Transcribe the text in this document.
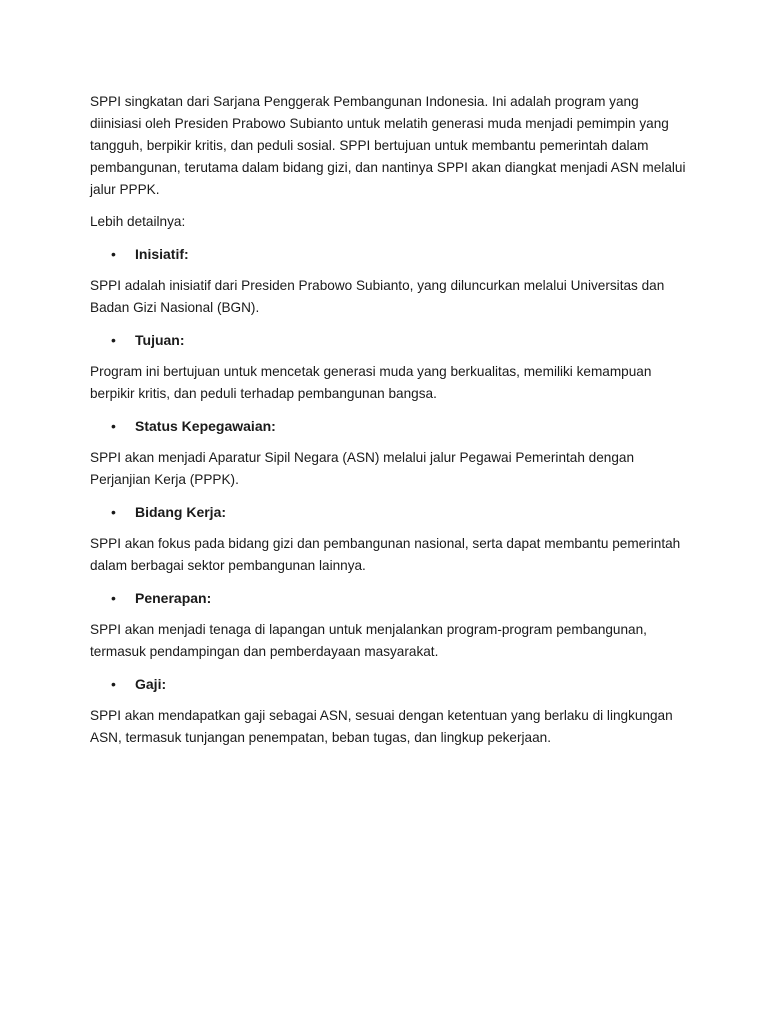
SPPI singkatan dari Sarjana Penggerak Pembangunan Indonesia. Ini adalah program yang diinisiasi oleh Presiden Prabowo Subianto untuk melatih generasi muda menjadi pemimpin yang tangguh, berpikir kritis, dan peduli sosial. SPPI bertujuan untuk membantu pemerintah dalam pembangunan, terutama dalam bidang gizi, dan nantinya SPPI akan diangkat menjadi ASN melalui jalur PPPK.

Lebih detailnya:

•	Inisiatif:

SPPI adalah inisiatif dari Presiden Prabowo Subianto, yang diluncurkan melalui Universitas dan Badan Gizi Nasional (BGN).

•	Tujuan:

Program ini bertujuan untuk mencetak generasi muda yang berkualitas, memiliki kemampuan berpikir kritis, dan peduli terhadap pembangunan bangsa.

•	Status Kepegawaian:

SPPI akan menjadi Aparatur Sipil Negara (ASN) melalui jalur Pegawai Pemerintah dengan Perjanjian Kerja (PPPK).

•	Bidang Kerja:

SPPI akan fokus pada bidang gizi dan pembangunan nasional, serta dapat membantu pemerintah dalam berbagai sektor pembangunan lainnya.

•	Penerapan:

SPPI akan menjadi tenaga di lapangan untuk menjalankan program-program pembangunan, termasuk pendampingan dan pemberdayaan masyarakat.

•	Gaji:

SPPI akan mendapatkan gaji sebagai ASN, sesuai dengan ketentuan yang berlaku di lingkungan ASN, termasuk tunjangan penempatan, beban tugas, dan lingkup pekerjaan.
